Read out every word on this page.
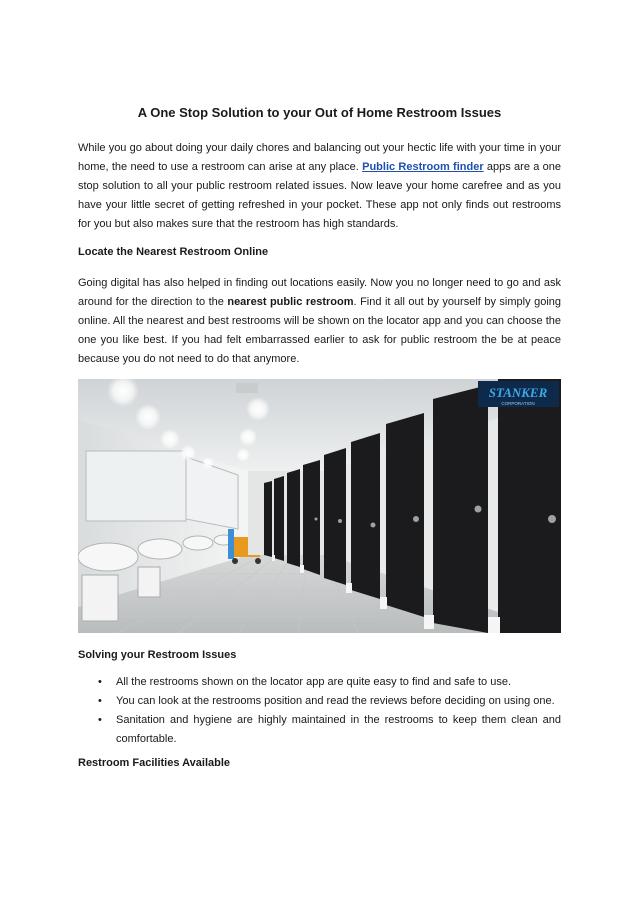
A One Stop Solution to your Out of Home Restroom Issues

While you go about doing your daily chores and balancing out your hectic life with your time in your home, the need to use a restroom can arise at any place. Public Restroom finder apps are a one stop solution to all your public restroom related issues. Now leave your home carefree and as you have your little secret of getting refreshed in your pocket. These app not only finds out restrooms for you but also makes sure that the restroom has high standards.

Locate the Nearest Restroom Online

Going digital has also helped in finding out locations easily. Now you no longer need to go and ask around for the direction to the nearest public restroom. Find it all out by yourself by simply going online. All the nearest and best restrooms will be shown on the locator app and you can choose the one you like best. If you had felt embarrassed earlier to ask for public restroom the be at peace because you do not need to do that anymore.

STANKER
CORPORATION
Solving your Restroom Issues
• All the restrooms shown on the locator app are quite easy to find and safe to use.
• You can look at the restrooms position and read the reviews before deciding on using one.
• Sanitation and hygiene are highly maintained in the restrooms to keep them clean and comfortable.
Restroom Facilities Available
